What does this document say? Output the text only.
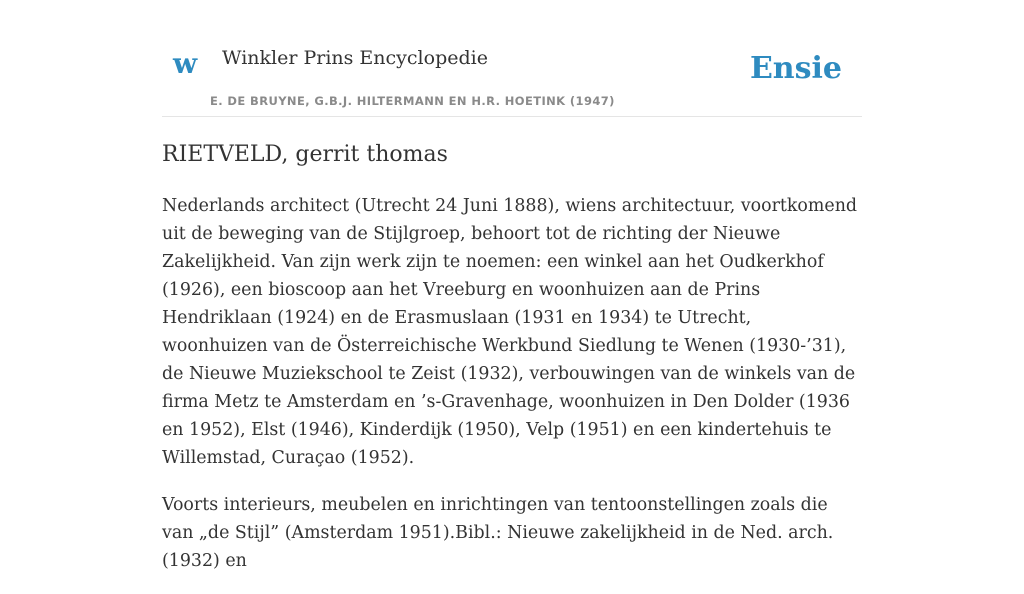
w Winkler Prins Encyclopedie
E. DE BRUYNE, G.B.J. HILTERMANN EN H.R. HOETINK (1947)
Ensie
RIETVELD, gerrit thomas

Nederlands architect (Utrecht 24 Juni 1888), wiens architectuur, voortkomend uit de beweging van de Stijlgroep, behoort tot de richting der Nieuwe Zakelijkheid. Van zijn werk zijn te noemen: een winkel aan het Oudkerkhof (1926), een bioscoop aan het Vreeburg en woonhuizen aan de Prins Hendriklaan (1924) en de Erasmuslaan (1931 en 1934) te Utrecht, woonhuizen van de Österreichische Werkbund Siedlung te Wenen (1930-’31), de Nieuwe Muziekschool te Zeist (1932), verbouwingen van de winkels van de firma Metz te Amsterdam en ’s-Gravenhage, woonhuizen in Den Dolder (1936 en 1952), Elst (1946), Kinderdijk (1950), Velp (1951) en een kindertehuis te Willemstad, Curaçao (1952).

Voorts interieurs, meubelen en inrichtingen van tentoonstellingen zoals die van „de Stijl” (Amsterdam 1951).Bibl.: Nieuwe zakelijkheid in de Ned. arch. (1932) en
